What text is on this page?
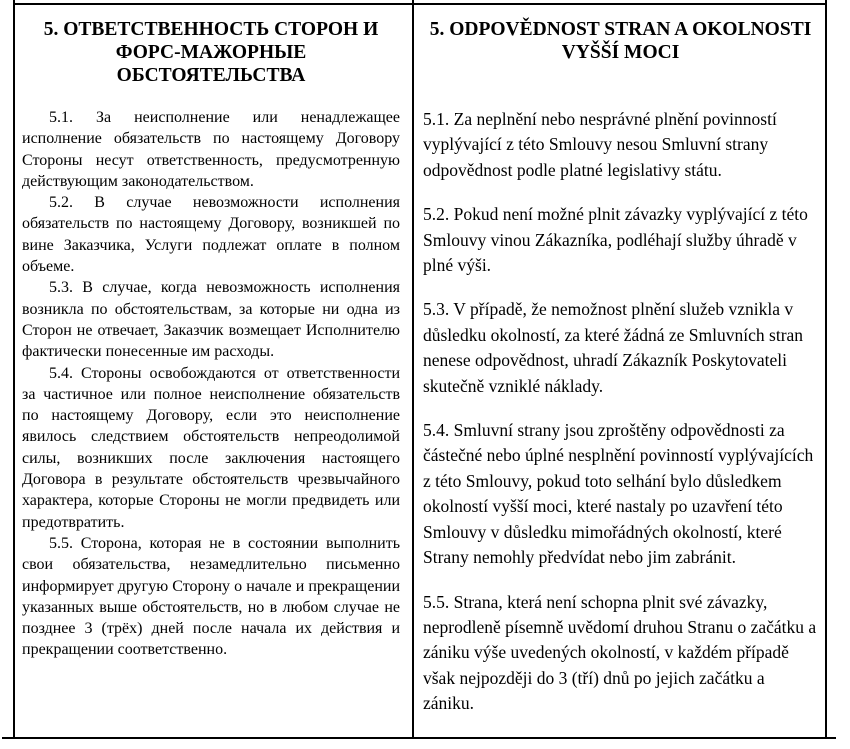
5. ОТВЕТСТВЕННОСТЬ СТОРОН И
ФОРС-МАЖОРНЫЕ
ОБСТОЯТЕЛЬСТВА

5.1. За неисполнение или ненадлежащее исполнение обязательств по настоящему Договору Стороны несут ответственность, предусмотренную действующим законодательством.

5.2. В случае невозможности исполнения обязательств по настоящему Договору, возникшей по вине Заказчика, Услуги подлежат оплате в полном объеме.

5.3. В случае, когда невозможность исполнения возникла по обстоятельствам, за которые ни одна из Сторон не отвечает, Заказчик возмещает Исполнителю фактически понесенные им расходы.

5.4. Стороны освобождаются от ответственности за частичное или полное неисполнение обязательств по настоящему Договору, если это неисполнение явилось следствием обстоятельств непреодолимой силы, возникших после заключения настоящего Договора в результате обстоятельств чрезвычайного характера, которые Стороны не могли предвидеть или предотвратить.

5.5. Сторона, которая не в состоянии выполнить свои обязательства, незамедлительно письменно информирует другую Сторону о начале и прекращении указанных выше обстоятельств, но в любом случае не позднее 3 (трёх) дней после начала их действия и прекращении соответственно.

5. ODPOVĚDNOST STRAN A OKOLNOSTI
VYŠŠÍ MOCI

5.1. Za neplnění nebo nesprávné plnění povinností vyplývající z této Smlouvy nesou Smluvní strany odpovědnost podle platné legislativy státu.

5.2. Pokud není možné plnit závazky vyplývající z této Smlouvy vinou Zákazníka, podléhají služby úhradě v plné výši.

5.3. V případě, že nemožnost plnění služeb vznikla v důsledku okolností, za které žádná ze Smluvních stran nenese odpovědnost, uhradí Zákazník Poskytovateli skutečně vzniklé náklady.

5.4. Smluvní strany jsou zproštěny odpovědnosti za částečné nebo úplné nesplnění povinností vyplývajících z této Smlouvy, pokud toto selhání bylo důsledkem okolností vyšší moci, které nastaly po uzavření této Smlouvy v důsledku mimořádných okolností, které Strany nemohly předvídat nebo jim zabránit.

5.5. Strana, která není schopna plnit své závazky, neprodleně písemně uvědomí druhou Stranu o začátku a zániku výše uvedených okolností, v každém případě však nejpozději do 3 (tří) dnů po jejich začátku a zániku.
